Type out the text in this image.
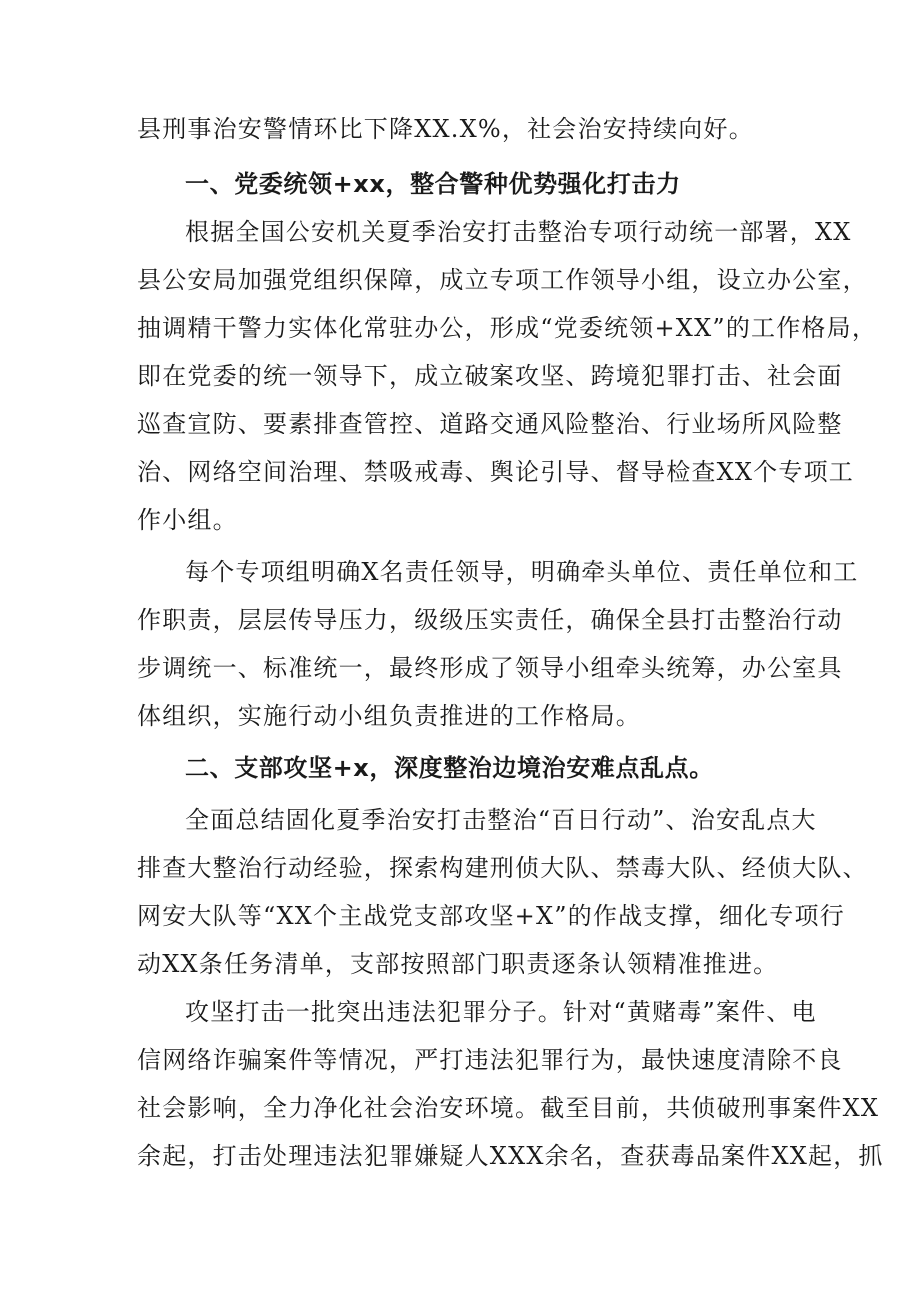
县刑事治安警情环比下降XX.X%，社会治安持续向好。
一、党委统领+xx，整合警种优势强化打击力
根据全国公安机关夏季治安打击整治专项行动统一部署，XX
县公安局加强党组织保障，成立专项工作领导小组，设立办公室，
抽调精干警力实体化常驻办公，形成“党委统领+XX”的工作格局，
即在党委的统一领导下，成立破案攻坚、跨境犯罪打击、社会面
巡查宣防、要素排查管控、道路交通风险整治、行业场所风险整
治、网络空间治理、禁吸戒毒、舆论引导、督导检查XX个专项工
作小组。
每个专项组明确X名责任领导，明确牵头单位、责任单位和工
作职责，层层传导压力，级级压实责任，确保全县打击整治行动
步调统一、标准统一，最终形成了领导小组牵头统筹，办公室具
体组织，实施行动小组负责推进的工作格局。
二、支部攻坚+x，深度整治边境治安难点乱点。
全面总结固化夏季治安打击整治“百日行动”、治安乱点大
排查大整治行动经验，探索构建刑侦大队、禁毒大队、经侦大队、
网安大队等“XX个主战党支部攻坚+X”的作战支撑，细化专项行
动XX条任务清单，支部按照部门职责逐条认领精准推进。
攻坚打击一批突出违法犯罪分子。针对“黄赌毒”案件、电
信网络诈骗案件等情况，严打违法犯罪行为，最快速度清除不良
社会影响，全力净化社会治安环境。截至目前，共侦破刑事案件XX
余起，打击处理违法犯罪嫌疑人XXX余名，查获毒品案件XX起，抓
